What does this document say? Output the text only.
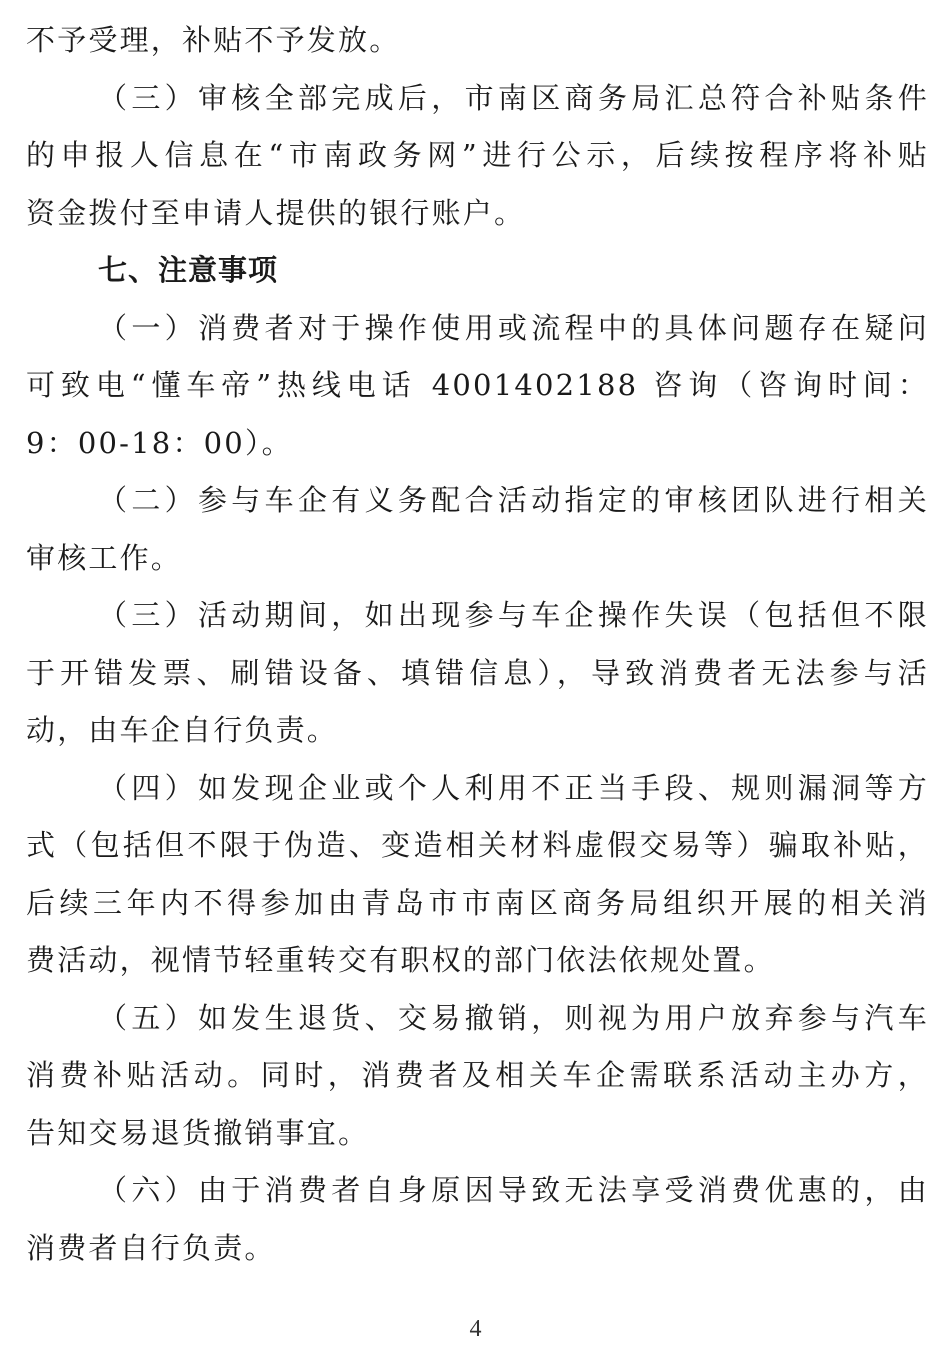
不予受理，补贴不予发放。
（三）审核全部完成后，市南区商务局汇总符合补贴条件
的申报人信息在“市南政务网”进行公示，后续按程序将补贴
资金拨付至申请人提供的银行账户。
七、注意事项
（一）消费者对于操作使用或流程中的具体问题存在疑问
可致电“懂车帝”热线电话 4001402188 咨询（咨询时间：
9：00-18：00）。
（二）参与车企有义务配合活动指定的审核团队进行相关
审核工作。
（三）活动期间，如出现参与车企操作失误（包括但不限
于开错发票、刷错设备、填错信息），导致消费者无法参与活
动，由车企自行负责。
（四）如发现企业或个人利用不正当手段、规则漏洞等方
式（包括但不限于伪造、变造相关材料虚假交易等）骗取补贴，
后续三年内不得参加由青岛市市南区商务局组织开展的相关消
费活动，视情节轻重转交有职权的部门依法依规处置。
（五）如发生退货、交易撤销，则视为用户放弃参与汽车
消费补贴活动。同时，消费者及相关车企需联系活动主办方，
告知交易退货撤销事宜。
（六）由于消费者自身原因导致无法享受消费优惠的，由
消费者自行负责。
4
